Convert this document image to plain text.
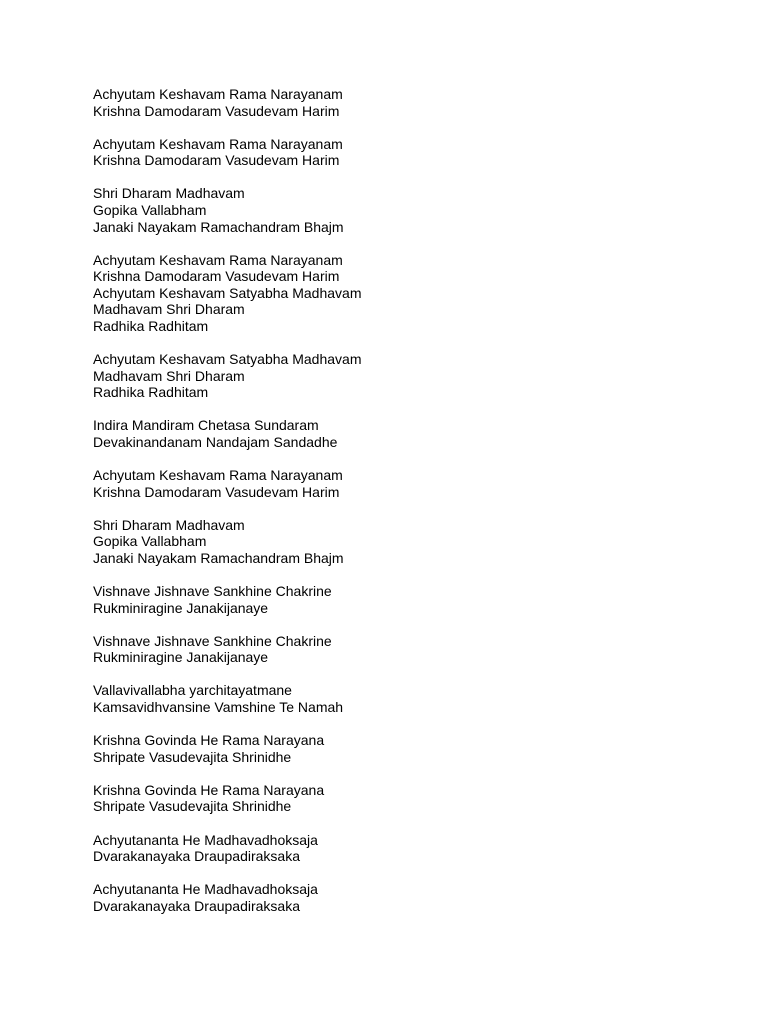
Achyutam Keshavam Rama Narayanam
Krishna Damodaram Vasudevam Harim
Achyutam Keshavam Rama Narayanam
Krishna Damodaram Vasudevam Harim
Shri Dharam Madhavam
Gopika Vallabham
Janaki Nayakam Ramachandram Bhajm
Achyutam Keshavam Rama Narayanam
Krishna Damodaram Vasudevam Harim
Achyutam Keshavam Satyabha Madhavam
Madhavam Shri Dharam
Radhika Radhitam
Achyutam Keshavam Satyabha Madhavam
Madhavam Shri Dharam
Radhika Radhitam
Indira Mandiram Chetasa Sundaram
Devakinandanam Nandajam Sandadhe
Achyutam Keshavam Rama Narayanam
Krishna Damodaram Vasudevam Harim
Shri Dharam Madhavam
Gopika Vallabham
Janaki Nayakam Ramachandram Bhajm
Vishnave Jishnave Sankhine Chakrine
Rukminiragine Janakijanaye
Vishnave Jishnave Sankhine Chakrine
Rukminiragine Janakijanaye
Vallavivallabha yarchitayatmane
Kamsavidhvansine Vamshine Te Namah
Krishna Govinda He Rama Narayana
Shripate Vasudevajita Shrinidhe
Krishna Govinda He Rama Narayana
Shripate Vasudevajita Shrinidhe
Achyutananta He Madhavadhoksaja
Dvarakanayaka Draupadiraksaka
Achyutananta He Madhavadhoksaja
Dvarakanayaka Draupadiraksaka
